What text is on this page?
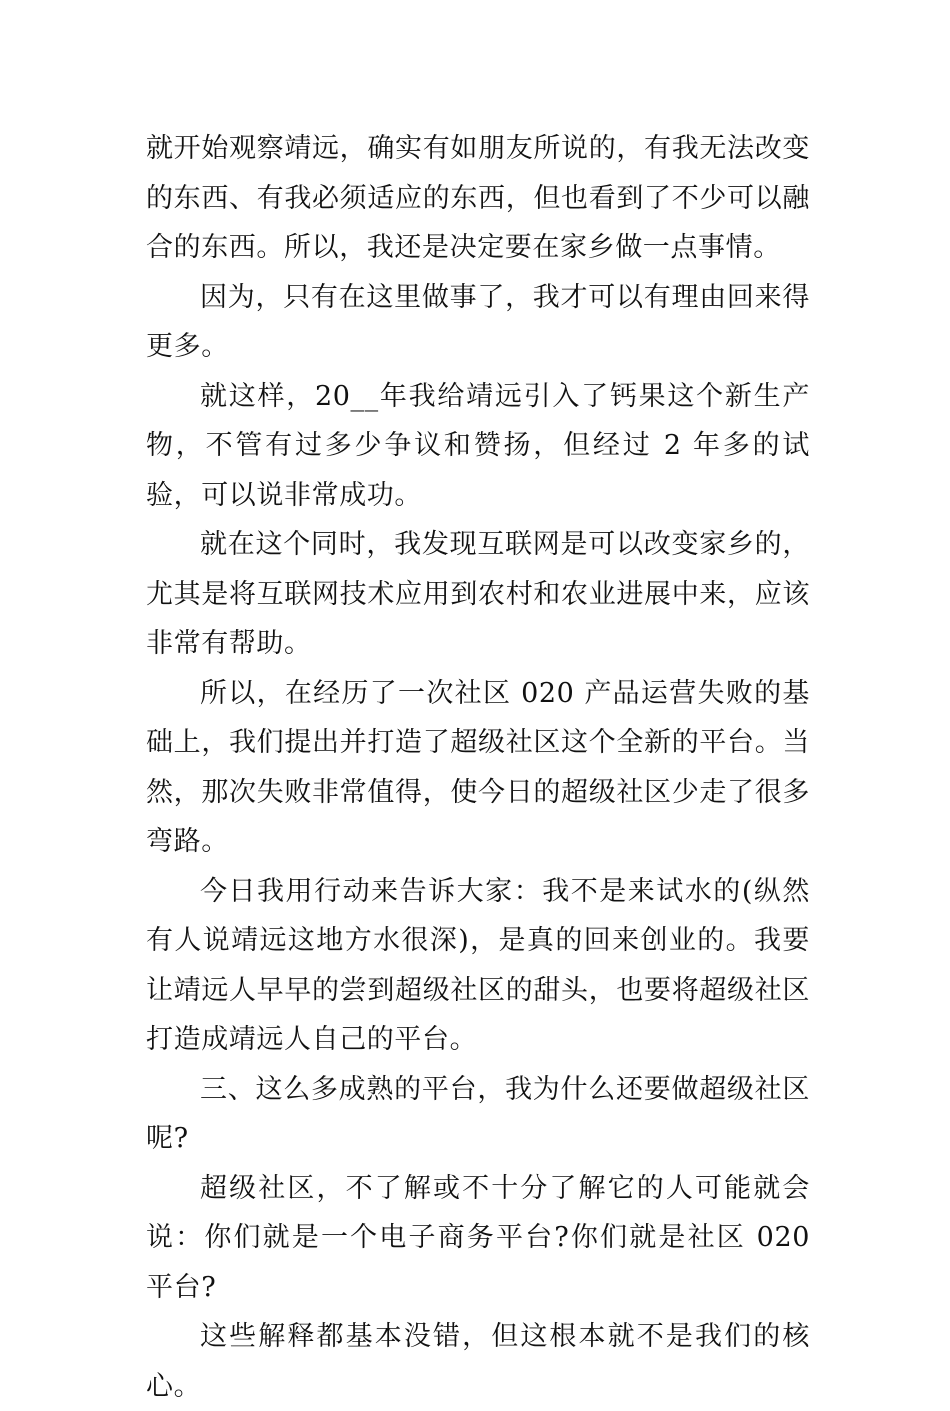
就开始观察靖远，确实有如朋友所说的，有我无法改变的东西、有我必须适应的东西，但也看到了不少可以融合的东西。所以，我还是决定要在家乡做一点事情。

因为，只有在这里做事了，我才可以有理由回来得更多。

就这样，20__年我给靖远引入了钙果这个新生产物，不管有过多少争议和赞扬，但经过 2 年多的试验，可以说非常成功。

就在这个同时，我发现互联网是可以改变家乡的，尤其是将互联网技术应用到农村和农业进展中来，应该非常有帮助。

所以，在经历了一次社区 020 产品运营失败的基础上，我们提出并打造了超级社区这个全新的平台。当然，那次失败非常值得，使今日的超级社区少走了很多弯路。

今日我用行动来告诉大家：我不是来试水的(纵然有人说靖远这地方水很深)，是真的回来创业的。我要让靖远人早早的尝到超级社区的甜头，也要将超级社区打造成靖远人自己的平台。

三、这么多成熟的平台，我为什么还要做超级社区呢?

超级社区，不了解或不十分了解它的人可能就会说：你们就是一个电子商务平台?你们就是社区 020 平台?

这些解释都基本没错，但这根本就不是我们的核心。
